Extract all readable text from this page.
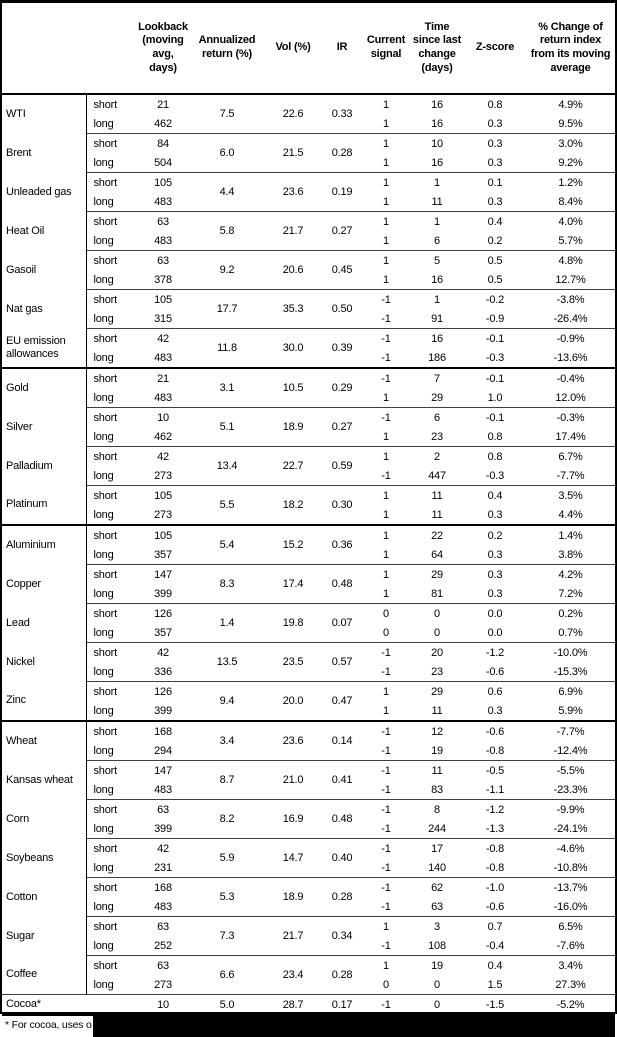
		Lookback (moving avg, days)	Annualized return (%)	Vol (%)	IR	Current signal	Time since last change (days)	Z-score	% Change of return index from its moving average
WTI	short	21	7.5	22.6	0.33	1	16	0.8	4.9%
	long	462				1	16	0.3	9.5%
Brent	short	84	6.0	21.5	0.28	1	10	0.3	3.0%
	long	504				1	16	0.3	9.2%
Unleaded gas	short	105	4.4	23.6	0.19	1	1	0.1	1.2%
	long	483				1	11	0.3	8.4%
Heat Oil	short	63	5.8	21.7	0.27	1	1	0.4	4.0%
	long	483				1	6	0.2	5.7%
Gasoil	short	63	9.2	20.6	0.45	1	5	0.5	4.8%
	long	378				1	16	0.5	12.7%
Nat gas	short	105	17.7	35.3	0.50	-1	1	-0.2	-3.8%
	long	315				-1	91	-0.9	-26.4%
EU emission allowances	short	42	11.8	30.0	0.39	-1	16	-0.1	-0.9%
	long	483				-1	186	-0.3	-13.6%
Gold	short	21	3.1	10.5	0.29	-1	7	-0.1	-0.4%
	long	483				1	29	1.0	12.0%
Silver	short	10	5.1	18.9	0.27	-1	6	-0.1	-0.3%
	long	462				1	23	0.8	17.4%
Palladium	short	42	13.4	22.7	0.59	1	2	0.8	6.7%
	long	273				-1	447	-0.3	-7.7%
Platinum	short	105	5.5	18.2	0.30	1	11	0.4	3.5%
	long	273				1	11	0.3	4.4%
Aluminium	short	105	5.4	15.2	0.36	1	22	0.2	1.4%
	long	357				1	64	0.3	3.8%
Copper	short	147	8.3	17.4	0.48	1	29	0.3	4.2%
	long	399				1	81	0.3	7.2%
Lead	short	126	1.4	19.8	0.07	0	0	0.0	0.2%
	long	357				0	0	0.0	0.7%
Nickel	short	42	13.5	23.5	0.57	-1	20	-1.2	-10.0%
	long	336				-1	23	-0.6	-15.3%
Zinc	short	126	9.4	20.0	0.47	1	29	0.6	6.9%
	long	399				1	11	0.3	5.9%
Wheat	short	168	3.4	23.6	0.14	-1	12	-0.6	-7.7%
	long	294				-1	19	-0.8	-12.4%
Kansas wheat	short	147	8.7	21.0	0.41	-1	11	-0.5	-5.5%
	long	483				-1	83	-1.1	-23.3%
Corn	short	63	8.2	16.9	0.48	-1	8	-1.2	-9.9%
	long	399				-1	244	-1.3	-24.1%
Soybeans	short	42	5.9	14.7	0.40	-1	17	-0.8	-4.6%
	long	231				-1	140	-0.8	-10.8%
Cotton	short	168	5.3	18.9	0.28	-1	62	-1.0	-13.7%
	long	483				-1	63	-0.6	-16.0%
Sugar	short	63	7.3	21.7	0.34	1	3	0.7	6.5%
	long	252				-1	108	-0.4	-7.6%
Coffee	short	63	6.6	23.4	0.28	1	19	0.4	3.4%
	long	273				0	0	1.5	27.3%
Cocoa*		10	5.0	28.7	0.17	-1	0	-1.5	-5.2%
* For cocoa, uses o
